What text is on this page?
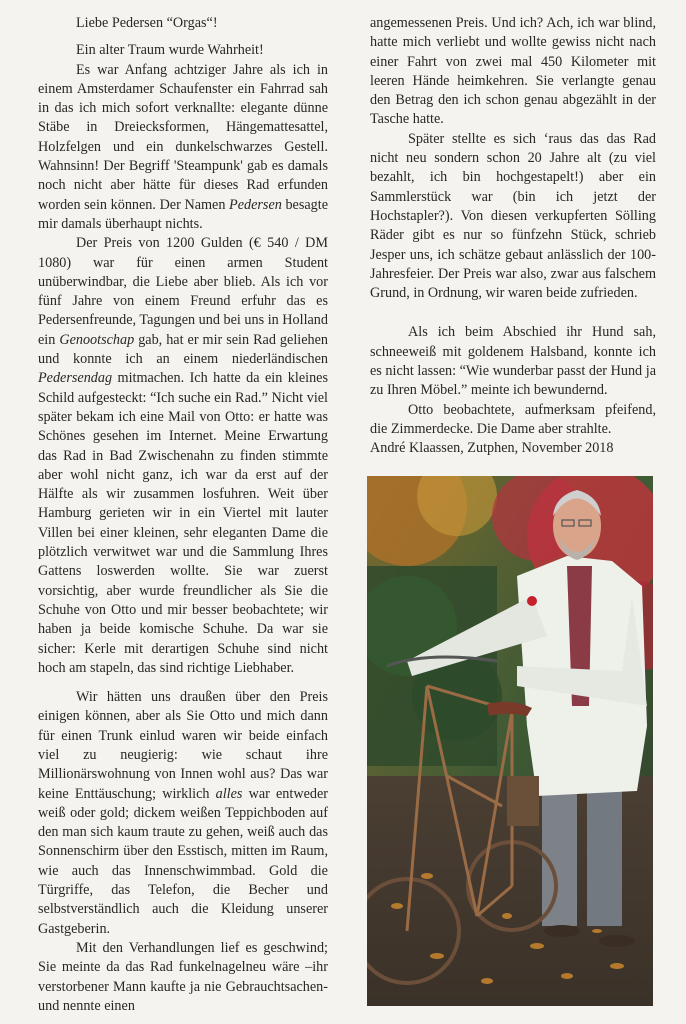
Liebe Pedersen “Orgas“!

Ein alter Traum wurde Wahrheit!

Es war Anfang achtziger Jahre als ich in einem Amsterdamer Schaufenster ein Fahrrad sah in das ich mich sofort verknallte: elegante dünne Stäbe in Dreiecksformen, Hängemattesattel, Holzfelgen und ein dunkelschwarzes Gestell. Wahnsinn! Der Begriff 'Steampunk' gab es damals noch nicht aber hätte für dieses Rad erfunden worden sein können. Der Namen Pedersen besagte mir damals überhaupt nichts.

Der Preis von 1200 Gulden (€ 540 / DM 1080) war für einen armen Student unüberwindbar, die Liebe aber blieb. Als ich vor fünf Jahre von einem Freund erfuhr das es Pedersenfreunde, Tagungen und bei uns in Holland ein Genootschap gab, hat er mir sein Rad geliehen und konnte ich an einem niederländischen Pedersendag mitmachen. Ich hatte da ein kleines Schild aufgesteckt: “Ich suche ein Rad.” Nicht viel später bekam ich eine Mail von Otto: er hatte was Schönes gesehen im Internet. Meine Erwartung das Rad in Bad Zwischenahn zu finden stimmte aber wohl nicht ganz, ich war da erst auf der Hälfte als wir zusammen losfuhren. Weit über Hamburg gerieten wir in ein Viertel mit lauter Villen bei einer kleinen, sehr eleganten Dame die plötzlich verwitwet war und die Sammlung Ihres Gattens loswerden wollte. Sie war zuerst vorsichtig, aber wurde freundlicher als Sie die Schuhe von Otto und mir besser beobachtete; wir haben ja beide komische Schuhe. Da war sie sicher: Kerle mit derartigen Schuhe sind nicht hoch am stapeln, das sind richtige Liebhaber.

Wir hätten uns draußen über den Preis einigen können, aber als Sie Otto und mich dann für einen Trunk einlud waren wir beide einfach viel zu neugierig: wie schaut ihre Millionärswohnung von Innen wohl aus? Das war keine Enttäuschung; wirklich alles war entweder weiß oder gold; dickem weißen Teppichboden auf den man sich kaum traute zu gehen, weiß auch das Sonnenschirm über den Esstisch, mitten im Raum, wie auch das Innenschwimmbad. Gold die Türgriffe, das Telefon, die Becher und selbstverständlich auch die Kleidung unserer Gastgeberin.

Mit den Verhandlungen lief es geschwind; Sie meinte da das Rad funkelnagelneu wäre –ihr verstorbener Mann kaufte ja nie Gebrauchtsachen- und nennte einen

angemessenen Preis. Und ich? Ach, ich war blind, hatte mich verliebt und wollte gewiss nicht nach einer Fahrt von zwei mal 450 Kilometer mit leeren Hände heimkehren. Sie verlangte genau den Betrag den ich schon genau abgezählt in der Tasche hatte.

Später stellte es sich ‘raus das das Rad nicht neu sondern schon 20 Jahre alt (zu viel bezahlt, ich bin hochgestapelt!) aber ein Sammlerstück war (bin ich jetzt der Hochstapler?). Von diesen verkupferten Sölling Räder gibt es nur so fünfzehn Stück, schrieb Jesper uns, ich schätze gebaut anlässlich der 100-Jahresfeier. Der Preis war also, zwar aus falschem Grund, in Ordnung, wir waren beide zufrieden.

Als ich beim Abschied ihr Hund sah, schneeweiß mit goldenem Halsband, konnte ich es nicht lassen: “Wie wunderbar passt der Hund ja zu Ihren Möbel.” meinte ich bewundernd.

Otto beobachtete, aufmerksam pfeifend, die Zimmerdecke. Die Dame aber strahlte.

André Klaassen, Zutphen, November 2018
